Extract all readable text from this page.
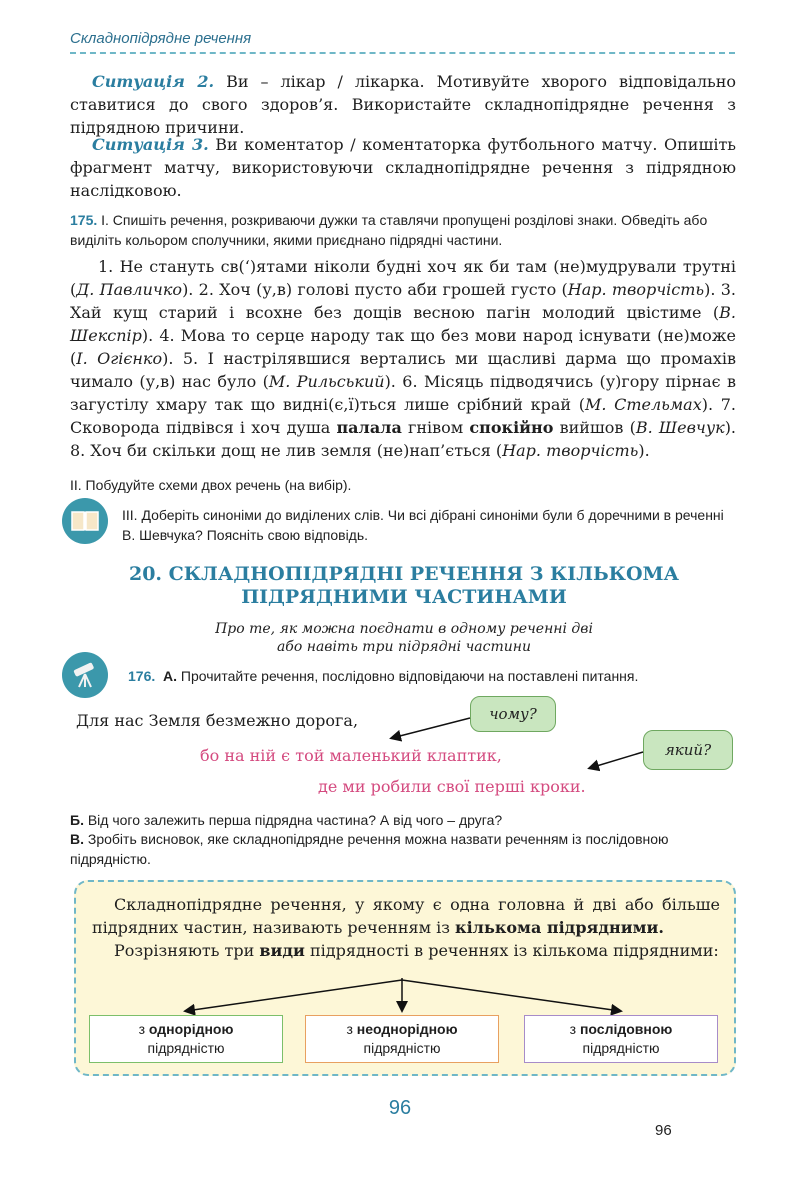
Складнопідрядне речення
Ситуація 2. Ви – лікар / лікарка. Мотивуйте хворого відповідально ставитися до свого здоров’я. Використайте складнопідрядне речення з підрядною причини.
175. І. Спишіть речення, розкриваючи дужки та ставлячи пропущені розділові знаки. Обведіть або виділіть кольором сполучники, якими приєднано підрядні частини.
1. Не стануть св(‘)ятами ніколи будні хоч як би там (не)мудрували трутні (Д. Павличко). 2. Хоч (у,в) голові пусто аби грошей густо (Нар. творчість). 3. Хай кущ старий і всохне без дощів весною пагін молодий цвістиме (В. Шекспір). 4. Мова то серце народу так що без мови народ існувати (не)може (І. Огієнко). 5. І настрілявшися вертались ми щасливі дарма що промахів чимало (у,в) нас було (М. Рильський). 6. Місяць підводячись (у)гору пірнає в загустілу хмару так що видні(є,ї)ться лише срібний край (М. Стельмах). 7. Сковорода підвівся і хоч душа палала гнівом спокійно вийшов (В. Шевчук). 8. Хоч би скільки дощ не лив земля (не)нап’ється (Нар. творчість).
ІІ. Побудуйте схеми двох речень (на вибір).
ІІІ. Доберіть синоніми до виділених слів. Чи всі дібрані синоніми були б доречними в реченні В. Шевчука? Поясніть свою відповідь.
20. СКЛАДНОПІДРЯДНІ РЕЧЕННЯ З КІЛЬКОМА
ПІДРЯДНИМИ ЧАСТИНАМИ
Про те, як можна поєднати в одному реченні дві
або навіть три підрядні частини
176. А. Прочитайте речення, послідовно відповідаючи на поставлені питання.
Для нас Земля безмежно дорога,
бо на ній є той маленький клаптик,
де ми робили свої перші кроки.
чому?
який?
Б. Від чого залежить перша підрядна частина? А від чого – друга?
В. Зробіть висновок, яке складнопідрядне речення можна назвати реченням із послідовною підрядністю.
Складнопідрядне речення, у якому є одна головна й дві або більше підрядних частин, називають реченням із кількома підрядними.
Розрізняють три види підрядності в реченнях із кількома підрядними:
з однорідною
підрядністю
з неоднорідною
підрядністю
з послідовною
підрядністю
96
96
Ситуація 3. Ви коментатор / коментаторка футбольного матчу. Опишіть фрагмент матчу, використовуючи складнопідрядне речення з підрядною наслідковою.
